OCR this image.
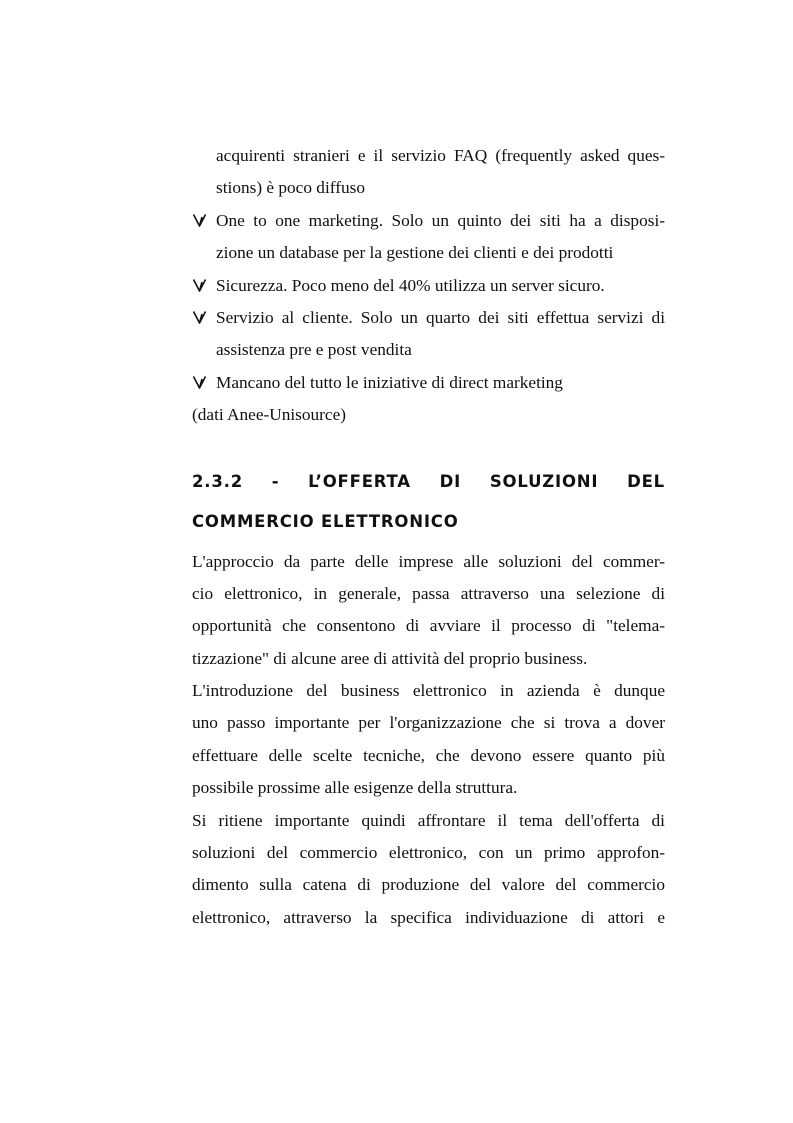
acquirenti stranieri e il servizio FAQ (frequently asked ques-
stions) è poco diffuso
One to one marketing. Solo un quinto dei siti ha a disposi-
zione un database per la gestione dei clienti e dei prodotti
Sicurezza. Poco meno del 40% utilizza un server sicuro.
Servizio al cliente. Solo un quarto dei siti effettua servizi di
assistenza pre e post vendita
Mancano del tutto le iniziative di direct marketing
(dati Anee-Unisource)
2.3.2 - L’OFFERTA DI SOLUZIONI DEL
COMMERCIO ELETTRONICO
L'approccio da parte delle imprese alle soluzioni del commer-
cio elettronico, in generale, passa attraverso una selezione di
opportunità che consentono di avviare il processo di "telema-
tizzazione" di alcune aree di attività del proprio business.
L'introduzione del business elettronico in azienda è dunque
uno passo importante per l'organizzazione che si trova a dover
effettuare delle scelte tecniche, che devono essere quanto più
possibile prossime alle esigenze della struttura.
Si ritiene importante quindi affrontare il tema dell'offerta di
soluzioni del commercio elettronico, con un primo approfon-
dimento sulla catena di produzione del valore del commercio
elettronico, attraverso la specifica individuazione di attori e
